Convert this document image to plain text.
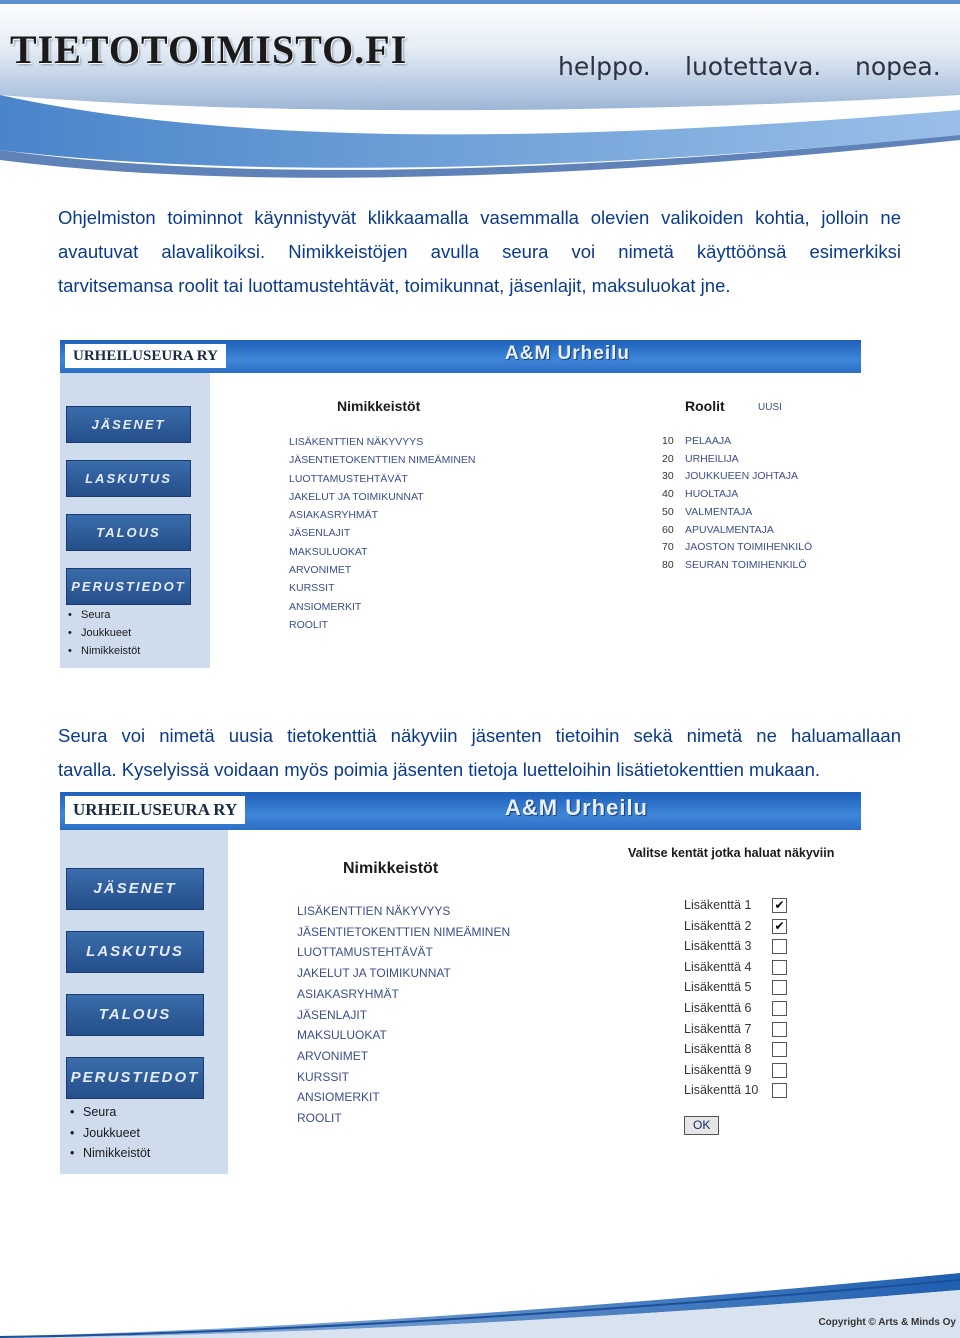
TIETOTOIMISTO.FI	helppo. luotettava. nopea.
Ohjelmiston toiminnot käynnistyvät klikkaamalla vasemmalla olevien valikoiden kohtia, jolloin ne
avautuvat alavalikoiksi. Nimikkeistöjen avulla seura voi nimetä käyttöönsä esimerkiksi
tarvitsemansa roolit tai luottamustehtävät, toimikunnat, jäsenlajit, maksuluokat jne.
URHEILUSEURA RY	A&M Urheilu
JÄSENET
LASKUTUS
TALOUS
PERUSTIEDOT
• Seura
• Joukkueet
• Nimikkeistöt
Nimikkeistöt
LISÄKENTTIEN NÄKYVYYS
JÄSENTIETOKENTTIEN NIMEÄMINEN
LUOTTAMUSTEHTÄVÄT
JAKELUT JA TOIMIKUNNAT
ASIAKASRYHMÄT
JÄSENLAJIT
MAKSULUOKAT
ARVONIMET
KURSSIT
ANSIOMERKIT
ROOLIT
Roolit	UUSI
10 PELAAJA
20 URHEILIJA
30 JOUKKUEEN JOHTAJA
40 HUOLTAJA
50 VALMENTAJA
60 APUVALMENTAJA
70 JAOSTON TOIMIHENKILÖ
80 SEURAN TOIMIHENKILÖ
Seura voi nimetä uusia tietokenttiä näkyviin jäsenten tietoihin sekä nimetä ne haluamallaan
tavalla. Kyselyissä voidaan myös poimia jäsenten tietoja luetteloihin lisätietokenttien mukaan.
URHEILUSEURA RY	A&M Urheilu
JÄSENET
LASKUTUS
TALOUS
PERUSTIEDOT
• Seura
• Joukkueet
• Nimikkeistöt
Nimikkeistöt
LISÄKENTTIEN NÄKYVYYS
JÄSENTIETOKENTTIEN NIMEÄMINEN
LUOTTAMUSTEHTÄVÄT
JAKELUT JA TOIMIKUNNAT
ASIAKASRYHMÄT
JÄSENLAJIT
MAKSULUOKAT
ARVONIMET
KURSSIT
ANSIOMERKIT
ROOLIT
Valitse kentät jotka haluat näkyviin
Lisäkenttä 1 ✔
Lisäkenttä 2 ✔
Lisäkenttä 3
Lisäkenttä 4
Lisäkenttä 5
Lisäkenttä 6
Lisäkenttä 7
Lisäkenttä 8
Lisäkenttä 9
Lisäkenttä 10
OK
Copyright © Arts & Minds Oy
